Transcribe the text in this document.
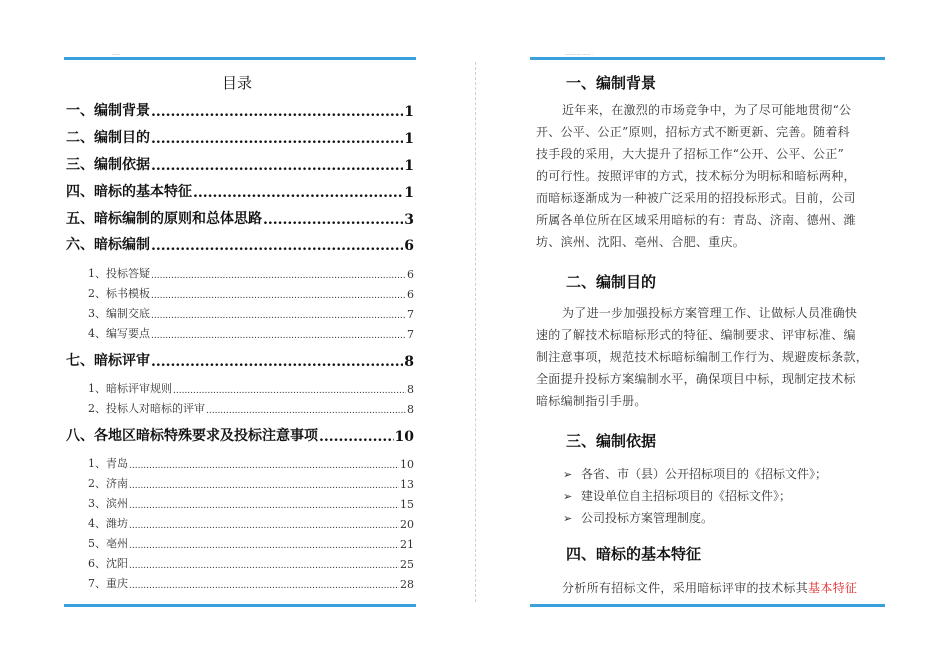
——
目录
一、编制背景 .....	1
二、编制目的 .....	1
三、编制依据 .....	1
四、暗标的基本特征 .....	1
五、暗标编制的原则和总体思路 .....	3
六、暗标编制 .....	6
1、投标答疑 .....	6
2、标书模板 .....	6
3、编制交底 .....	7
4、编写要点 .....	7
七、暗标评审 .....	8
1、暗标评审规则 .....	8
2、投标人对暗标的评审 .....	8
八、各地区暗标特殊要求及投标注意事项 .....	10
1、青岛 .....	10
2、济南 .....	13
3、滨州 .....	15
4、潍坊 .....	20
5、亳州 .....	21
6、沈阳 .....	25
7、重庆 .....	28
———— —— ·
一、编制背景
近年来，在激烈的市场竞争中，为了尽可能地贯彻“公
开、公平、公正”原则，招标方式不断更新、完善。随着科
技手段的采用，大大提升了招标工作“公开、公平、公正”
的可行性。按照评审的方式，技术标分为明标和暗标两种，
而暗标逐渐成为一种被广泛采用的招投标形式。目前，公司
所属各单位所在区域采用暗标的有：青岛、济南、德州、潍
坊、滨州、沈阳、亳州、合肥、重庆。
二、编制目的
为了进一步加强投标方案管理工作、让做标人员准确快
速的了解技术标暗标形式的特征、编制要求、评审标准、编
制注意事项，规范技术标暗标编制工作行为、规避废标条款，
全面提升投标方案编制水平，确保项目中标，现制定技术标
暗标编制指引手册。
三、编制依据
➢ 各省、市（县）公开招标项目的《招标文件》；
➢ 建设单位自主招标项目的《招标文件》；
➢ 公司投标方案管理制度。
四、暗标的基本特征
分析所有招标文件，采用暗标评审的技术标其基本特征
